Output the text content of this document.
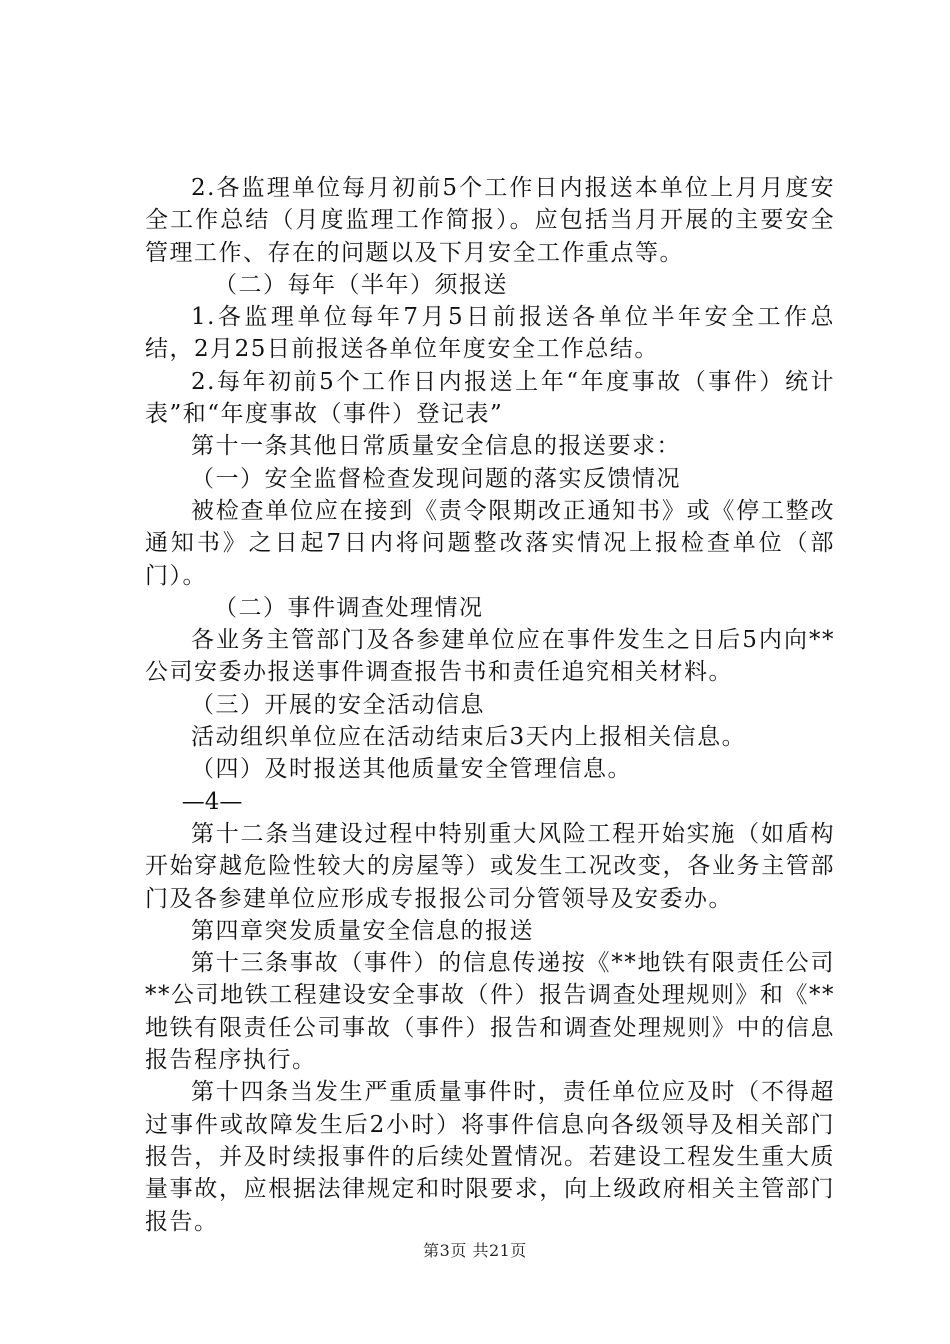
2.各监理单位每月初前5个工作日内报送本单位上月月度安全工作总结（月度监理工作简报）。应包括当月开展的主要安全管理工作、存在的问题以及下月安全工作重点等。

（二）每年（半年）须报送

1.各监理单位每年7月5日前报送各单位半年安全工作总结，2月25日前报送各单位年度安全工作总结。

2.每年初前5个工作日内报送上年“年度事故（事件）统计表”和“年度事故（事件）登记表”

第十一条其他日常质量安全信息的报送要求：

（一）安全监督检查发现问题的落实反馈情况

被检查单位应在接到《责令限期改正通知书》或《停工整改通知书》之日起7日内将问题整改落实情况上报检查单位（部门）。

（二）事件调查处理情况

各业务主管部门及各参建单位应在事件发生之日后5内向**公司安委办报送事件调查报告书和责任追究相关材料。

（三）开展的安全活动信息

活动组织单位应在活动结束后3天内上报相关信息。

（四）及时报送其他质量安全管理信息。

—4—

第十二条当建设过程中特别重大风险工程开始实施（如盾构开始穿越危险性较大的房屋等）或发生工况改变，各业务主管部门及各参建单位应形成专报报公司分管领导及安委办。

第四章突发质量安全信息的报送

第十三条事故（事件）的信息传递按《**地铁有限责任公司**公司地铁工程建设安全事故（件）报告调查处理规则》和《**地铁有限责任公司事故（事件）报告和调查处理规则》中的信息报告程序执行。

第十四条当发生严重质量事件时，责任单位应及时（不得超过事件或故障发生后2小时）将事件信息向各级领导及相关部门报告，并及时续报事件的后续处置情况。若建设工程发生重大质量事故，应根据法律规定和时限要求，向上级政府相关主管部门报告。

第3页 共21页
